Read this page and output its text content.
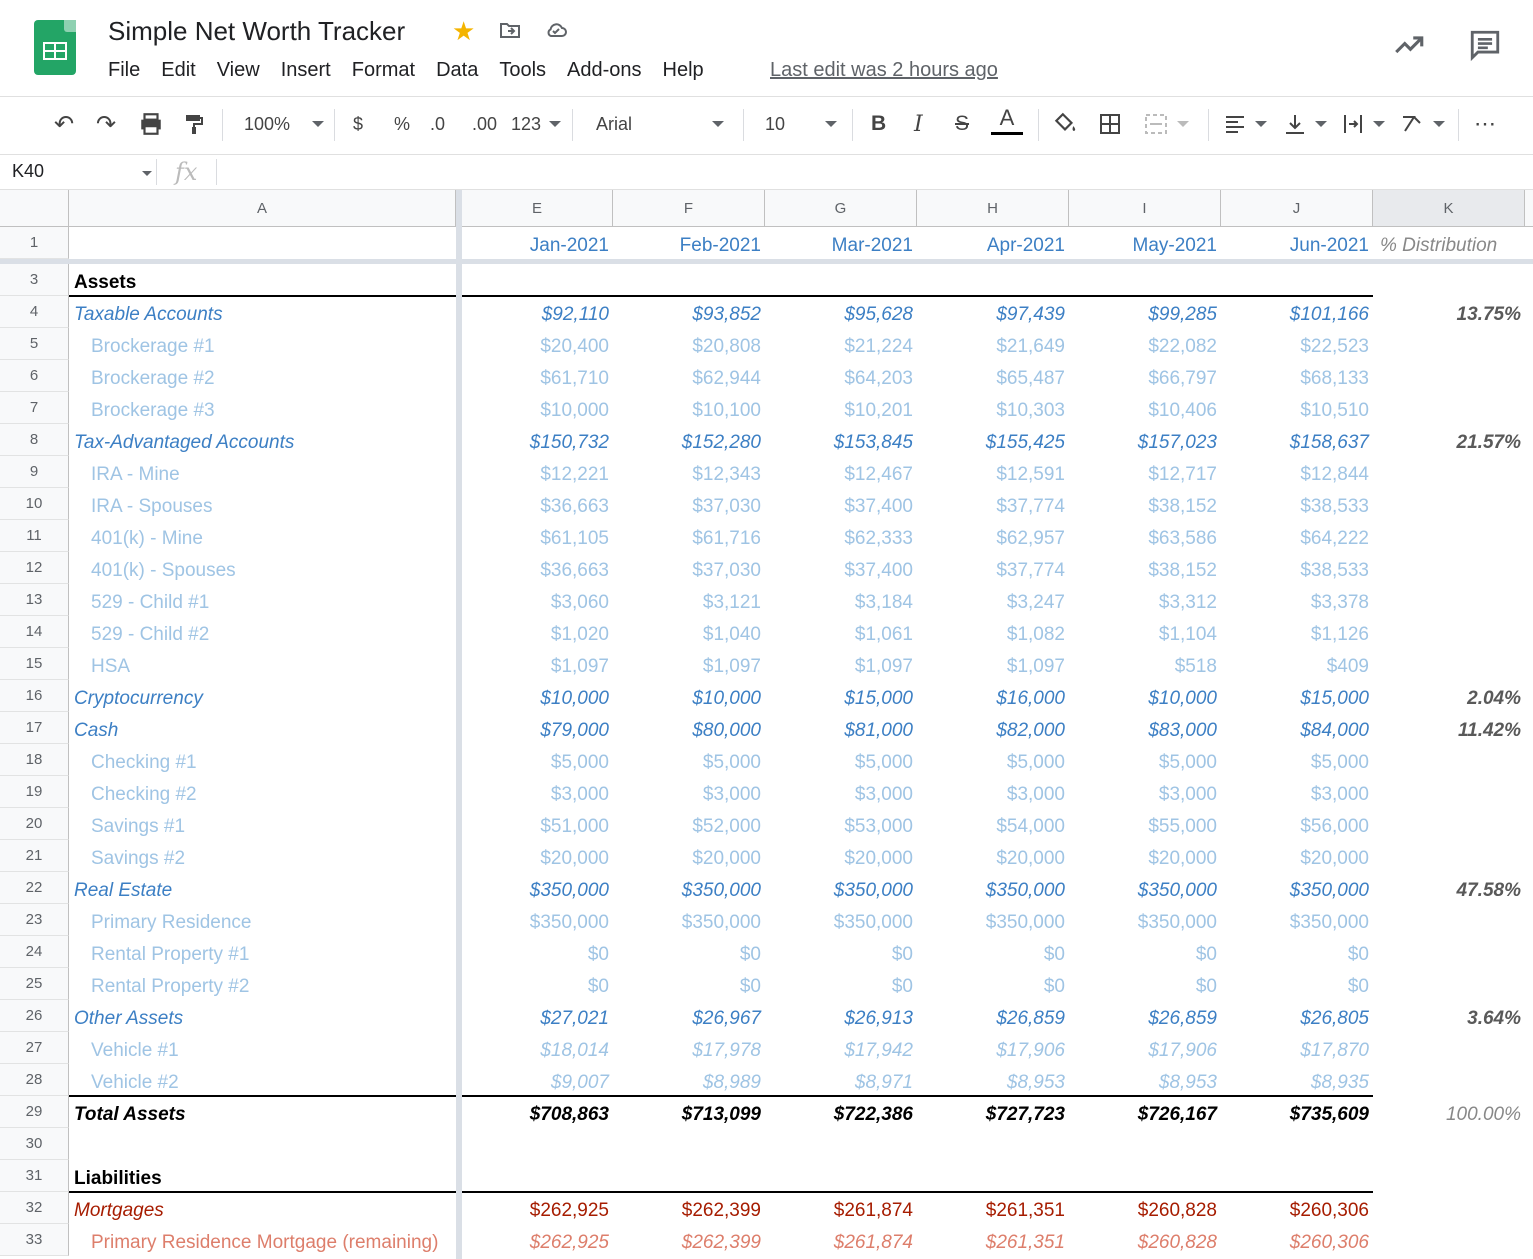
Simple Net Worth Tracker ★
File Edit View Insert Format Data Tools Add-ons Help	Last edit was 2 hours ago
↶ ↷	100%	$ % .0 .00 123	Arial	10	B I S A	⋯
K40	fx
A	E	F	G	H	I	J	K
1	Jan-2021	Feb-2021	Mar-2021	Apr-2021	May-2021	Jun-2021 % Distribution
3	Assets
4	Taxable Accounts	$92,110	$93,852	$95,628	$97,439	$99,285	$101,166	13.75%
5	Brockerage #1	$20,400	$20,808	$21,224	$21,649	$22,082	$22,523
6	Brockerage #2	$61,710	$62,944	$64,203	$65,487	$66,797	$68,133
7	Brockerage #3	$10,000	$10,100	$10,201	$10,303	$10,406	$10,510
8	Tax-Advantaged Accounts	$150,732	$152,280	$153,845	$155,425	$157,023	$158,637	21.57%
9	IRA - Mine	$12,221	$12,343	$12,467	$12,591	$12,717	$12,844
10	IRA - Spouses	$36,663	$37,030	$37,400	$37,774	$38,152	$38,533
11	401(k) - Mine	$61,105	$61,716	$62,333	$62,957	$63,586	$64,222
12	401(k) - Spouses	$36,663	$37,030	$37,400	$37,774	$38,152	$38,533
13	529 - Child #1	$3,060	$3,121	$3,184	$3,247	$3,312	$3,378
14	529 - Child #2	$1,020	$1,040	$1,061	$1,082	$1,104	$1,126
15	HSA	$1,097	$1,097	$1,097	$1,097	$518	$409
16	Cryptocurrency	$10,000	$10,000	$15,000	$16,000	$10,000	$15,000	2.04%
17	Cash	$79,000	$80,000	$81,000	$82,000	$83,000	$84,000	11.42%
18	Checking #1	$5,000	$5,000	$5,000	$5,000	$5,000	$5,000
19	Checking #2	$3,000	$3,000	$3,000	$3,000	$3,000	$3,000
20	Savings #1	$51,000	$52,000	$53,000	$54,000	$55,000	$56,000
21	Savings #2	$20,000	$20,000	$20,000	$20,000	$20,000	$20,000
22	Real Estate	$350,000	$350,000	$350,000	$350,000	$350,000	$350,000	47.58%
23	Primary Residence	$350,000	$350,000	$350,000	$350,000	$350,000	$350,000
24	Rental Property #1	$0	$0	$0	$0	$0	$0
25	Rental Property #2	$0	$0	$0	$0	$0	$0
26	Other Assets	$27,021	$26,967	$26,913	$26,859	$26,859	$26,805	3.64%
27	Vehicle #1	$18,014	$17,978	$17,942	$17,906	$17,906	$17,870
28	Vehicle #2	$9,007	$8,989	$8,971	$8,953	$8,953	$8,935
29	Total Assets	$708,863	$713,099	$722,386	$727,723	$726,167	$735,609	100.00%
30
31	Liabilities
32	Mortgages	$262,925	$262,399	$261,874	$261,351	$260,828	$260,306
33	Primary Residence Mortgage (remaining)	$262,925	$262,399	$261,874	$261,351	$260,828	$260,306
